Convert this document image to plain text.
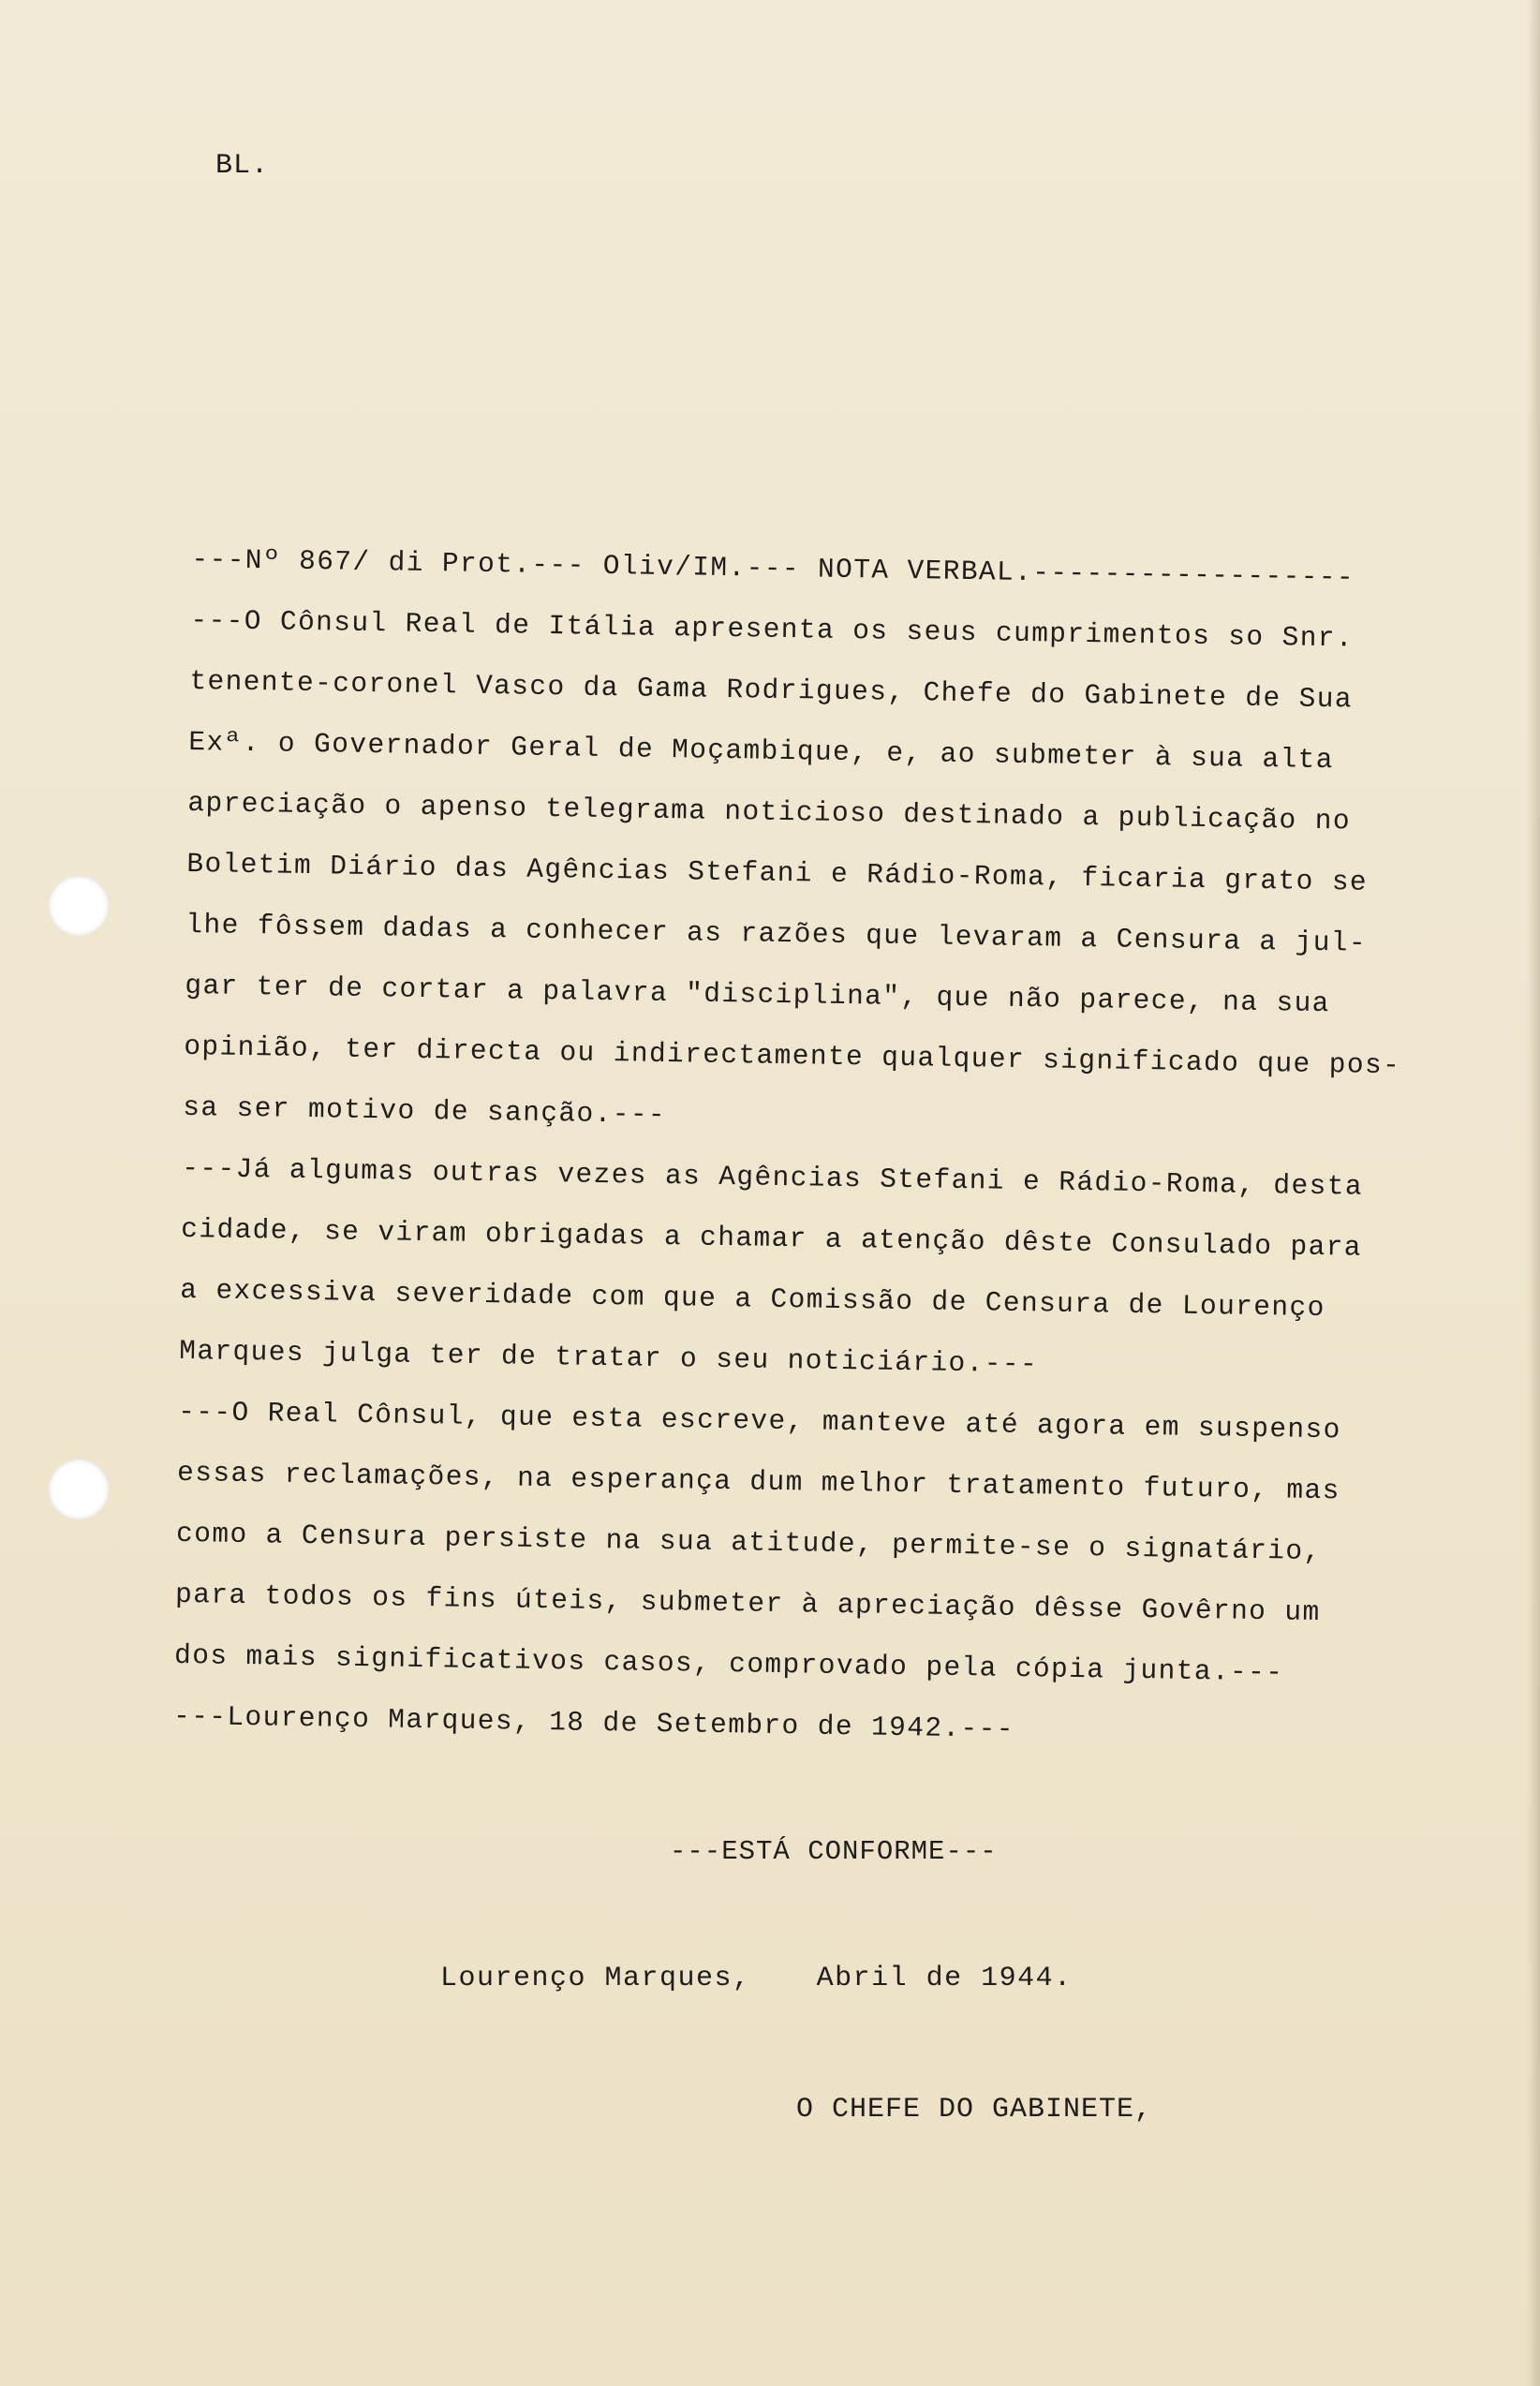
BL.
---Nº 867/ di Prot.--- Oliv/IM.--- NOTA VERBAL.------------------
---O Cônsul Real de Itália apresenta os seus cumprimentos so Snr.
tenente-coronel Vasco da Gama Rodrigues, Chefe do Gabinete de Sua
Exª. o Governador Geral de Moçambique, e, ao submeter à sua alta
apreciação o apenso telegrama noticioso destinado a publicação no
Boletim Diário das Agências Stefani e Rádio-Roma, ficaria grato se
lhe fôssem dadas a conhecer as razões que levaram a Censura a jul-
gar ter de cortar a palavra "disciplina", que não parece, na sua
opinião, ter directa ou indirectamente qualquer significado que pos-
sa ser motivo de sanção.---
---Já algumas outras vezes as Agências Stefani e Rádio-Roma, desta
cidade, se viram obrigadas a chamar a atenção dêste Consulado para
a excessiva severidade com que a Comissão de Censura de Lourenço
Marques julga ter de tratar o seu noticiário.---
---O Real Cônsul, que esta escreve, manteve até agora em suspenso
essas reclamações, na esperança dum melhor tratamento futuro, mas
como a Censura persiste na sua atitude, permite-se o signatário,
para todos os fins úteis, submeter à apreciação dêsse Govêrno um
dos mais significativos casos, comprovado pela cópia junta.---
---Lourenço Marques, 18 de Setembro de 1942.---
---ESTÁ CONFORME---
Lourenço Marques, Abril de 1944.
O CHEFE DO GABINETE,
